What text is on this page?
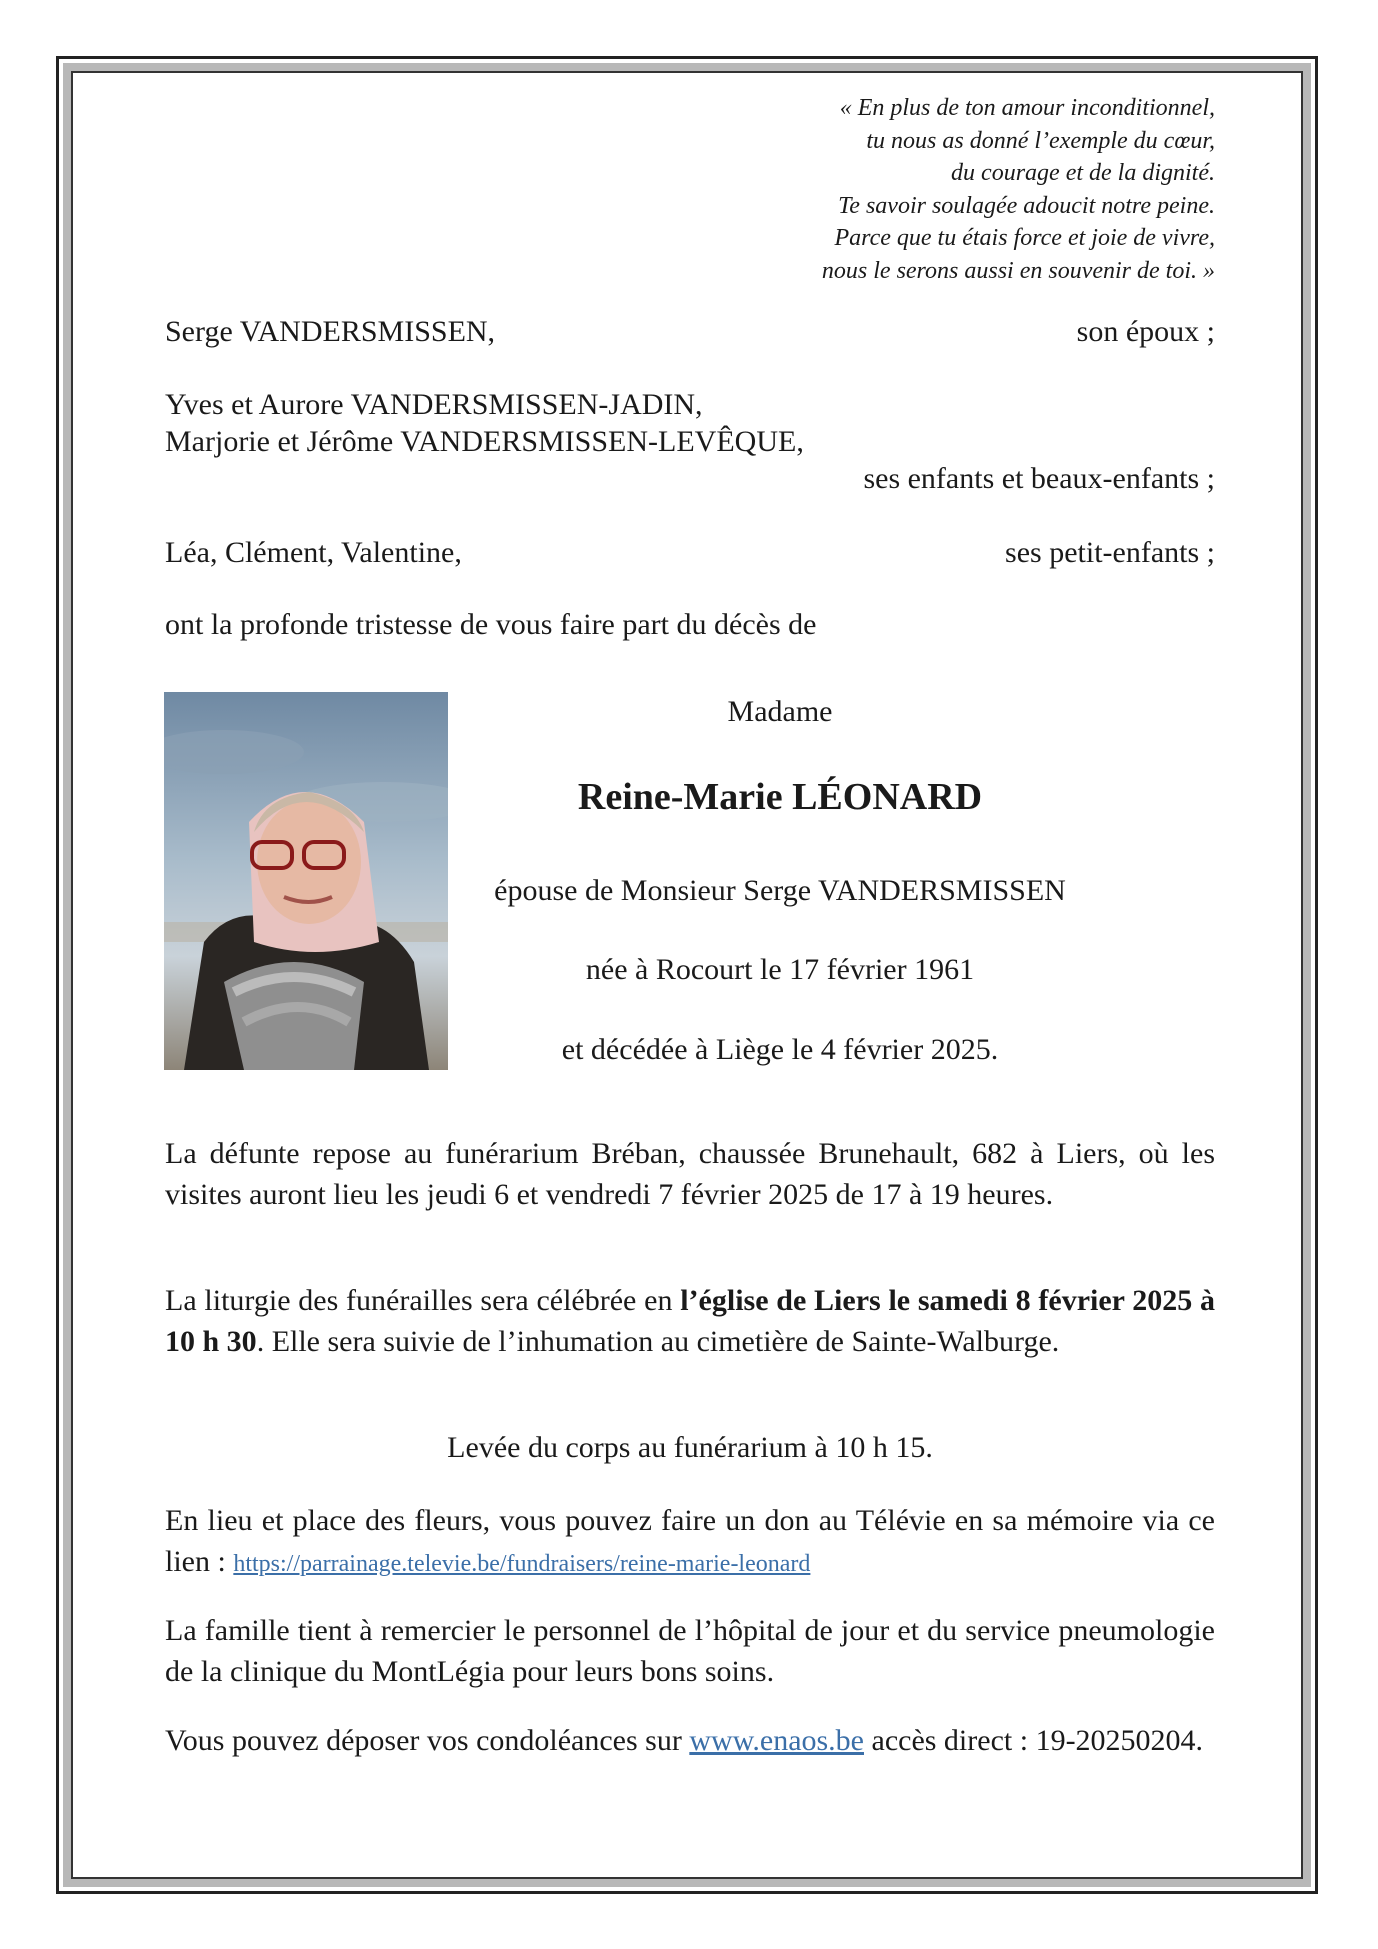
« En plus de ton amour inconditionnel,
tu nous as donné l’exemple du cœur,
du courage et de la dignité.
Te savoir soulagée adoucit notre peine.
Parce que tu étais force et joie de vivre,
nous le serons aussi en souvenir de toi. »
Serge VANDERSMISSEN,	son époux ;
Yves et Aurore VANDERSMISSEN-JADIN,
Marjorie et Jérôme VANDERSMISSEN-LEVÊQUE,
ses enfants et beaux-enfants ;
Léa, Clément, Valentine,	ses petit-enfants ;
ont la profonde tristesse de vous faire part du décès de
Madame
Reine-Marie LÉONARD
épouse de Monsieur Serge VANDERSMISSEN
née à Rocourt le 17 février 1961
et décédée à Liège le 4 février 2025.
La défunte repose au funérarium Bréban, chaussée Brunehault, 682 à Liers, où les visites auront lieu les jeudi 6 et vendredi 7 février 2025 de 17 à 19 heures.
La liturgie des funérailles sera célébrée en l’église de Liers le samedi 8 février 2025 à 10 h 30. Elle sera suivie de l’inhumation au cimetière de Sainte-Walburge.
Levée du corps au funérarium à 10 h 15.
En lieu et place des fleurs, vous pouvez faire un don au Télévie en sa mémoire via ce lien : https://parrainage.televie.be/fundraisers/reine-marie-leonard
La famille tient à remercier le personnel de l’hôpital de jour et du service pneumologie de la clinique du MontLégia pour leurs bons soins.
Vous pouvez déposer vos condoléances sur www.enaos.be accès direct : 19-20250204.
